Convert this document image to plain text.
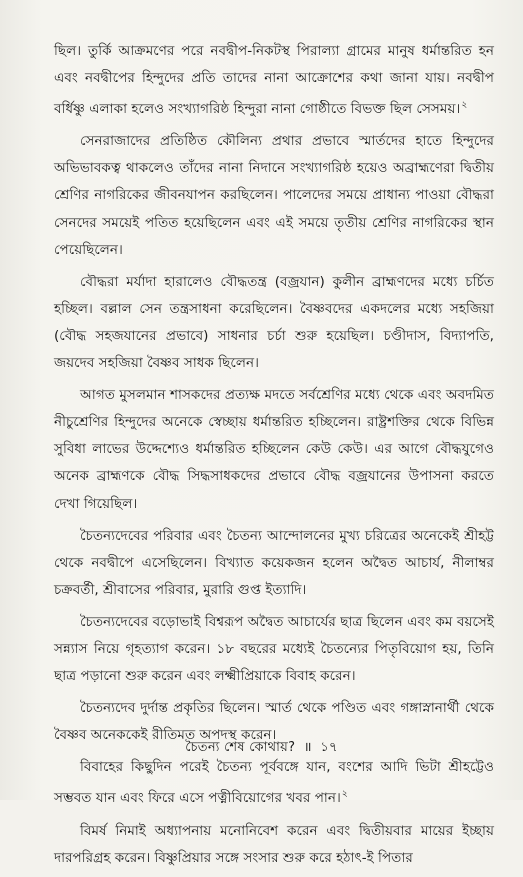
ছিল। তুর্কি আক্রমণের পরে নবদ্বীপ-নিকটস্থ পিরাল্যা গ্রামের মানুষ ধর্মান্তরিত হন এবং নবদ্বীপের হিন্দুদের প্রতি তাদের নানা আক্রোশের কথা জানা যায়। নবদ্বীপ বর্ধিষ্ণু এলাকা হলেও সংখ্যাগরিষ্ঠ হিন্দুরা নানা গোষ্ঠীতে বিভক্ত ছিল সেসময়।$^২$

সেনরাজাদের প্রতিষ্ঠিত কৌলিন্য প্রথার প্রভাবে স্মার্তদের হাতে হিন্দুদের অভিভাবকত্ব থাকলেও তাঁদের নানা নিদানে সংখ্যাগরিষ্ঠ হয়েও অব্রাহ্মণেরা দ্বিতীয় শ্রেণির নাগরিকের জীবনযাপন করছিলেন। পালেদের সময়ে প্রাধান্য পাওয়া বৌদ্ধরা সেনদের সময়েই পতিত হয়েছিলেন এবং এই সময়ে তৃতীয় শ্রেণির নাগরিকের স্থান পেয়েছিলেন।

বৌদ্ধরা মর্যাদা হারালেও বৌদ্ধতন্ত্র (বজ্রযান) কুলীন ব্রাহ্মণদের মধ্যে চর্চিত হচ্ছিল। বল্লাল সেন তন্ত্রসাধনা করেছিলেন। বৈষ্ণবদের একদলের মধ্যে সহজিয়া (বৌদ্ধ সহজযানের প্রভাবে) সাধনার চর্চা শুরু হয়েছিল। চণ্ডীদাস, বিদ্যাপতি, জয়দেব সহজিয়া বৈষ্ণব সাধক ছিলেন।

আগত মুসলমান শাসকদের প্রত্যক্ষ মদতে সর্বশ্রেণির মধ্যে থেকে এবং অবদমিত নীচুশ্রেণির হিন্দুদের অনেকে স্বেচ্ছায় ধর্মান্তরিত হচ্ছিলেন। রাষ্ট্রশক্তির থেকে বিভিন্ন সুবিধা লাভের উদ্দেশ্যেও ধর্মান্তরিত হচ্ছিলেন কেউ কেউ। এর আগে বৌদ্ধযুগেও অনেক ব্রাহ্মণকে বৌদ্ধ সিদ্ধসাধকদের প্রভাবে বৌদ্ধ বজ্রযানের উপাসনা করতে দেখা গিয়েছিল।

চৈতন্যদেবের পরিবার এবং চৈতন্য আন্দোলনের মুখ্য চরিত্রের অনেকেই শ্রীহট্ট থেকে নবদ্বীপে এসেছিলেন। বিখ্যাত কয়েকজন হলেন অদ্বৈত আচার্য, নীলাম্বর চক্রবর্তী, শ্রীবাসের পরিবার, মুরারি গুপ্ত ইত্যাদি।

চৈতন্যদেবের বড়োভাই বিশ্বরূপ অদ্বৈত আচার্যের ছাত্র ছিলেন এবং কম বয়সেই সন্ন্যাস নিয়ে গৃহত্যাগ করেন। ১৮ বছরের মধ্যেই চৈতন্যের পিতৃবিয়োগ হয়, তিনি ছাত্র পড়ানো শুরু করেন এবং লক্ষ্মীপ্রিয়াকে বিবাহ করেন।

চৈতন্যদেব দুর্দান্ত প্রকৃতির ছিলেন। স্মার্ত থেকে পণ্ডিত এবং গঙ্গাস্নানার্থী থেকে বৈষ্ণব অনেককেই রীতিমত অপদস্থ করেন।

বিবাহের কিছুদিন পরেই চৈতন্য পূর্ববঙ্গে যান, বংশের আদি ভিটা শ্রীহট্টেও সম্ভবত যান এবং ফিরে এসে পত্নীবিয়োগের খবর পান।$^২$

বিমর্ষ নিমাই অধ্যাপনায় মনোনিবেশ করেন এবং দ্বিতীয়বার মায়ের ইচ্ছায় দারপরিগ্রহ করেন। বিষ্ণুপ্রিয়ার সঙ্গে সংসার শুরু করে হঠাৎ-ই পিতার

চৈতন্য শেষ কোথায়? ॥ ১৭
